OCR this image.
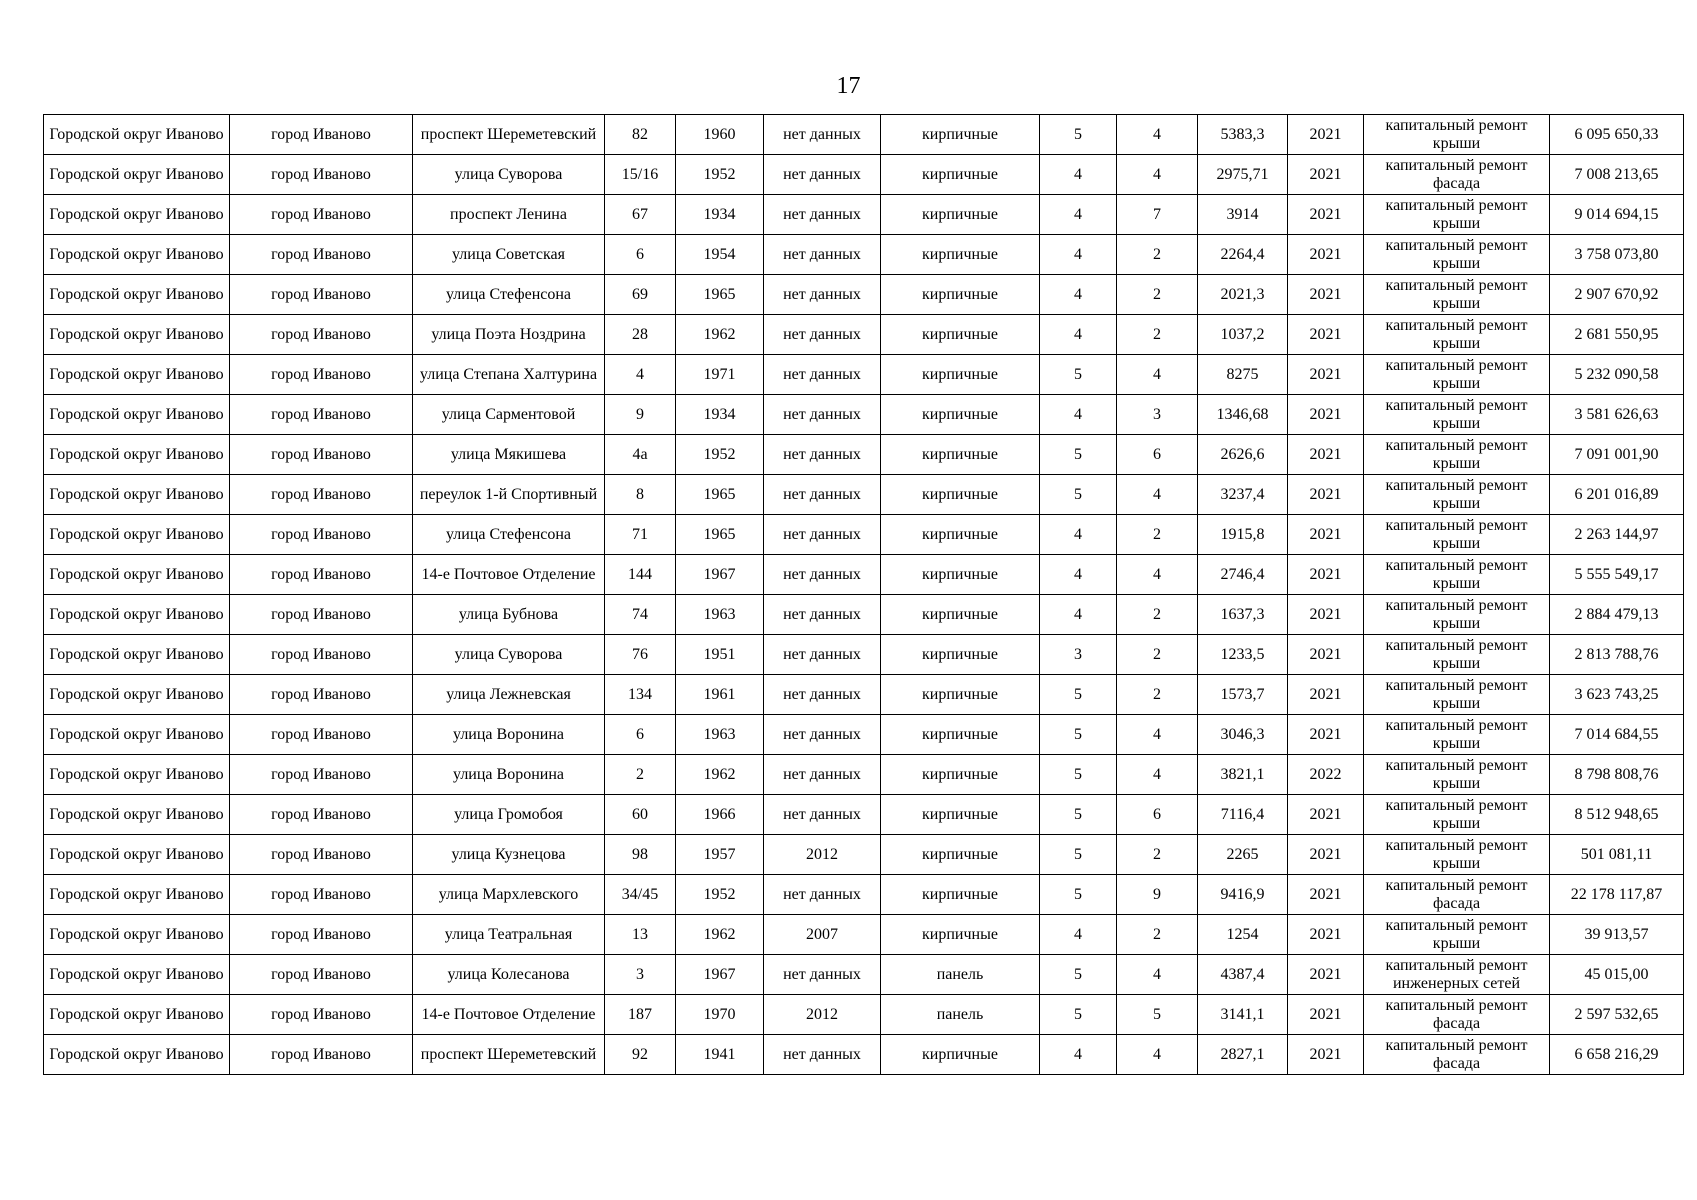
17
Городской округ Иваново	город Иваново	проспект Шереметевский	82	1960	нет данных	кирпичные	5	4	5383,3	2021	капитальный ремонт крыши	6 095 650,33
Городской округ Иваново	город Иваново	улица Суворова	15/16	1952	нет данных	кирпичные	4	4	2975,71	2021	капитальный ремонт фасада	7 008 213,65
Городской округ Иваново	город Иваново	проспект Ленина	67	1934	нет данных	кирпичные	4	7	3914	2021	капитальный ремонт крыши	9 014 694,15
Городской округ Иваново	город Иваново	улица Советская	6	1954	нет данных	кирпичные	4	2	2264,4	2021	капитальный ремонт крыши	3 758 073,80
Городской округ Иваново	город Иваново	улица Стефенсона	69	1965	нет данных	кирпичные	4	2	2021,3	2021	капитальный ремонт крыши	2 907 670,92
Городской округ Иваново	город Иваново	улица Поэта Ноздрина	28	1962	нет данных	кирпичные	4	2	1037,2	2021	капитальный ремонт крыши	2 681 550,95
Городской округ Иваново	город Иваново	улица Степана Халтурина	4	1971	нет данных	кирпичные	5	4	8275	2021	капитальный ремонт крыши	5 232 090,58
Городской округ Иваново	город Иваново	улица Сарментовой	9	1934	нет данных	кирпичные	4	3	1346,68	2021	капитальный ремонт крыши	3 581 626,63
Городской округ Иваново	город Иваново	улица Мякишева	4а	1952	нет данных	кирпичные	5	6	2626,6	2021	капитальный ремонт крыши	7 091 001,90
Городской округ Иваново	город Иваново	переулок 1-й Спортивный	8	1965	нет данных	кирпичные	5	4	3237,4	2021	капитальный ремонт крыши	6 201 016,89
Городской округ Иваново	город Иваново	улица Стефенсона	71	1965	нет данных	кирпичные	4	2	1915,8	2021	капитальный ремонт крыши	2 263 144,97
Городской округ Иваново	город Иваново	14-е Почтовое Отделение	144	1967	нет данных	кирпичные	4	4	2746,4	2021	капитальный ремонт крыши	5 555 549,17
Городской округ Иваново	город Иваново	улица Бубнова	74	1963	нет данных	кирпичные	4	2	1637,3	2021	капитальный ремонт крыши	2 884 479,13
Городской округ Иваново	город Иваново	улица Суворова	76	1951	нет данных	кирпичные	3	2	1233,5	2021	капитальный ремонт крыши	2 813 788,76
Городской округ Иваново	город Иваново	улица Лежневская	134	1961	нет данных	кирпичные	5	2	1573,7	2021	капитальный ремонт крыши	3 623 743,25
Городской округ Иваново	город Иваново	улица Воронина	6	1963	нет данных	кирпичные	5	4	3046,3	2021	капитальный ремонт крыши	7 014 684,55
Городской округ Иваново	город Иваново	улица Воронина	2	1962	нет данных	кирпичные	5	4	3821,1	2022	капитальный ремонт крыши	8 798 808,76
Городской округ Иваново	город Иваново	улица Громобоя	60	1966	нет данных	кирпичные	5	6	7116,4	2021	капитальный ремонт крыши	8 512 948,65
Городской округ Иваново	город Иваново	улица Кузнецова	98	1957	2012	кирпичные	5	2	2265	2021	капитальный ремонт крыши	501 081,11
Городской округ Иваново	город Иваново	улица Мархлевского	34/45	1952	нет данных	кирпичные	5	9	9416,9	2021	капитальный ремонт фасада	22 178 117,87
Городской округ Иваново	город Иваново	улица Театральная	13	1962	2007	кирпичные	4	2	1254	2021	капитальный ремонт крыши	39 913,57
Городской округ Иваново	город Иваново	улица Колесанова	3	1967	нет данных	панель	5	4	4387,4	2021	капитальный ремонт инженерных сетей	45 015,00
Городской округ Иваново	город Иваново	14-е Почтовое Отделение	187	1970	2012	панель	5	5	3141,1	2021	капитальный ремонт фасада	2 597 532,65
Городской округ Иваново	город Иваново	проспект Шереметевский	92	1941	нет данных	кирпичные	4	4	2827,1	2021	капитальный ремонт фасада	6 658 216,29
